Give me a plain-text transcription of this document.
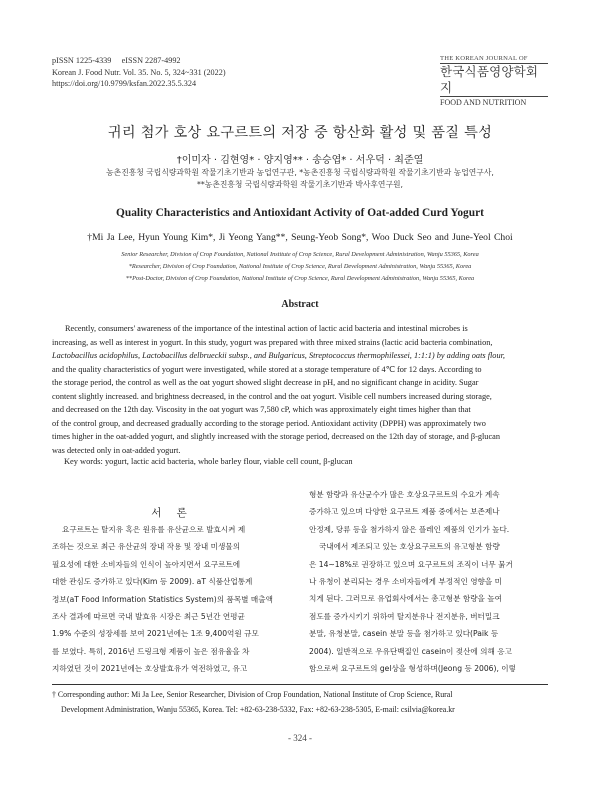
pISSN 1225-4339     eISSN 2287-4992
Korean J. Food Nutr. Vol. 35. No. 5, 324~331 (2022)
https://doi.org/10.9799/ksfan.2022.35.5.324
THE KOREAN JOURNAL OF
한국식품영양학회지
FOOD AND NUTRITION
귀리 첨가 호상 요구르트의 저장 중 항산화 활성 및 품질 특성
†이미자 · 김현영* · 양지영** · 송승엽* · 서우덕 · 최준열
농촌진흥청 국립식량과학원 작물기초기반과 농업연구관, *농촌진흥청 국립식량과학원 작물기초기반과 농업연구사,
**농촌진흥청 국립식량과학원 작물기초기반과 박사후연구원,
Quality Characteristics and Antioxidant Activity of Oat-added Curd Yogurt
†Mi Ja Lee, Hyun Young Kim*, Ji Yeong Yang**, Seung-Yeob Song*, Woo Duck Seo and June-Yeol Choi
Senior Researcher, Division of Crop Foundation, National Institute of Crop Science, Rural Development Administration, Wanju 55365, Korea
*Researcher, Division of Crop Foundation, National Institute of Crop Science, Rural Development Administration, Wanju 55365, Korea
**Post-Doctor, Division of Crop Foundation, National Institute of Crop Science, Rural Development Administration, Wanju 55365, Korea
Abstract
Recently, consumers' awareness of the importance of the intestinal action of lactic acid bacteria and intestinal microbes is
increasing, as well as interest in yogurt. In this study, yogurt was prepared with three mixed strains (lactic acid bacteria combination,
Lactobacillus acidophilus, Lactobacillus delbrueckii subsp., and Bulgaricus, Streptococcus thermophilessei, 1:1:1) by adding oats flour,
and the quality characteristics of yogurt were investigated, while stored at a storage temperature of 4℃ for 12 days. According to
the storage period, the control as well as the oat yogurt showed slight decrease in pH, and no significant change in acidity. Sugar
content slightly increased. and brightness decreased, in the control and the oat yogurt. Visible cell numbers increased during storage,
and decreased on the 12th day. Viscosity in the oat yogurt was 7,580 cP, which was approximately eight times higher than that
of the control group, and decreased gradually according to the storage period. Antioxidant activity (DPPH) was approximately two
times higher in the oat-added yogurt, and slightly increased with the storage period, decreased on the 12th day of storage, and β-glucan
was detected only in oat-added yogurt.
Key words: yogurt, lactic acid bacteria, whole barley flour, viable cell count, β-glucan
서 론
요구르트는 탈지유 혹은 원유를 유산균으로 발효시켜 제
조하는 것으로 최근 유산균의 장내 작용 및 장내 미생물의
필요성에 대한 소비자들의 인식이 높아지면서 요구르트에
대한 관심도 증가하고 있다(Kim 등 2009). aT 식품산업통계
정보(aT Food Information Statistics System)의 품목별 매출액
조사 결과에 따르면 국내 발효유 시장은 최근 5년간 연평균
1.9% 수준의 성장세를 보여 2021년에는 1조 9,400억원 규모
를 보였다. 특히, 2016년 드링크형 제품이 높은 점유율을 차
지하였던 것이 2021년에는 호상발효유가 역전하였고, 유고
형분 함량과 유산균수가 많은 호상요구르트의 수요가 계속
증가하고 있으며 다양한 요구르트 제품 중에서는 보존제나
안정제, 당류 등을 첨가하지 않은 플레인 제품의 인기가 높다.
국내에서 제조되고 있는 호상요구르트의 유고형분 함량
은 14~18%로 권장하고 있으며 요구르트의 조직이 너무 묽거
나 유청이 분리되는 경우 소비자들에게 부정적인 영향을 미
치게 된다. 그러므로 유업회사에서는 총고형분 함량을 높여
점도를 증가시키기 위하여 탈지분유나 전지분유, 버터밀크
분말, 유청분말, casein 분말 등을 첨가하고 있다(Paik 등
2004). 일반적으로 우유단백질인 casein이 젖산에 의해 응고
함으로써 요구르트의 gel상을 형성하며(Jeong 등 2006), 이렇
† Corresponding author: Mi Ja Lee, Senior Researcher, Division of Crop Foundation, National Institute of Crop Science, Rural
Development Administration, Wanju 55365, Korea. Tel: +82-63-238-5332, Fax: +82-63-238-5305, E-mail: csilvia@korea.kr
- 324 -
